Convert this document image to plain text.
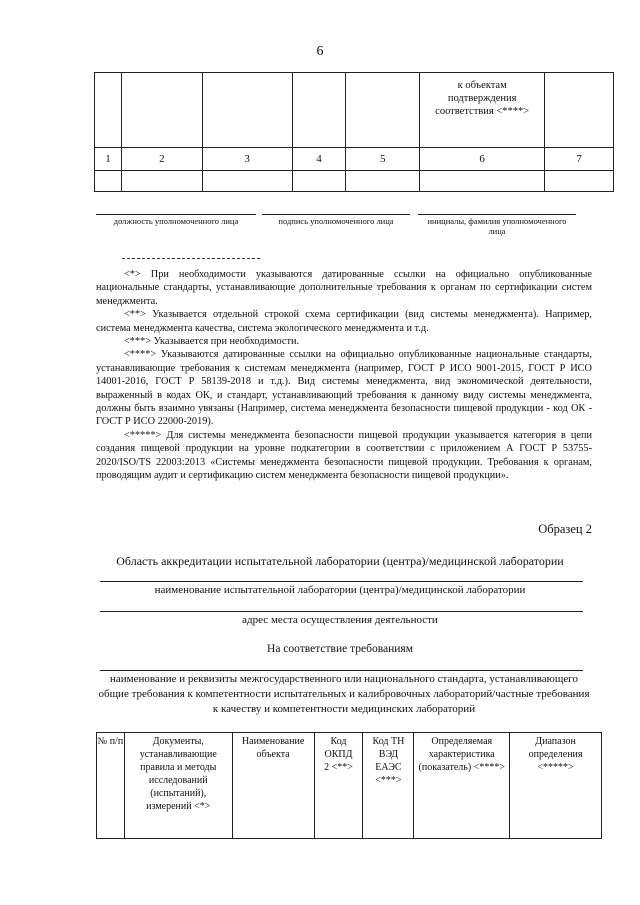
6
					к объектам подтверждения соответствия <****>	
1	2	3	4	5	6	7

должность уполномоченного лица	подпись уполномоченного лица	инициалы, фамилия уполномоченного лица

<*> При необходимости указываются датированные ссылки на официально опубликованные национальные стандарты, устанавливающие дополнительные требования к органам по сертификации систем менеджмента.

<**> Указывается отдельной строкой схема сертификации (вид системы менеджмента). Например, система менеджмента качества, система экологического менеджмента и т.д.

<***> Указывается при необходимости.

<****> Указываются датированные ссылки на официально опубликованные национальные стандарты, устанавливающие требования к системам менеджмента (например, ГОСТ Р ИСО 9001-2015, ГОСТ Р ИСО 14001-2016, ГОСТ Р 58139-2018 и т.д.). Вид системы менеджмента, вид экономической деятельности, выраженный в кодах ОК, и стандарт, устанавливающий требования к данному виду системы менеджмента, должны быть взаимно увязаны (Например, система менеджмента безопасности пищевой продукции - код ОК - ГОСТ Р ИСО 22000-2019).

<*****> Для системы менеджмента безопасности пищевой продукции указывается категория в цепи создания пищевой продукции на уровне подкатегории в соответствии с приложением А ГОСТ Р 53755-2020/ISO/TS 22003:2013 «Системы менеджмента безопасности пищевой продукции. Требования к органам, проводящим аудит и сертификацию систем менеджмента безопасности пищевой продукции».

Образец 2
Область аккредитации испытательной лаборатории (центра)/медицинской лаборатории
наименование испытательной лаборатории (центра)/медицинской лаборатории
адрес места осуществления деятельности
На соответствие требованиям
наименование и реквизиты межгосударственного или национального стандарта, устанавливающего общие требования к компетентности испытательных и калибровочных лабораторий/частные требования к качеству и компетентности медицинских лабораторий
№ п/п	Документы, устанавливающие правила и методы исследований (испытаний), измерений <*>	Наименование объекта	Код ОКПД 2 <**>	Код ТН ВЭД ЕАЭС <***>	Определяемая характеристика (показатель) <****>	Диапазон определения <*****>
